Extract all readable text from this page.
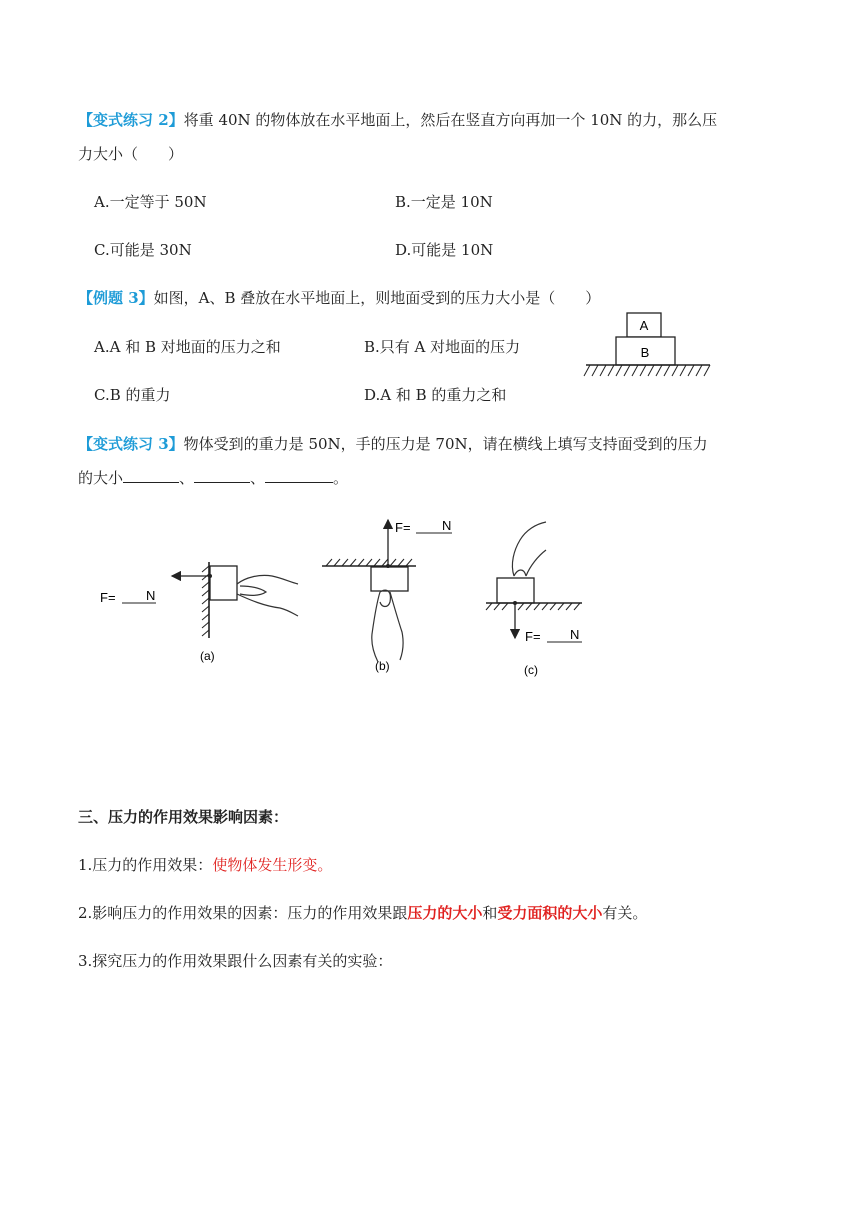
【变式练习 2】将重 40N 的物体放在水平地面上，然后在竖直方向再加一个 10N 的力，那么压
力大小（　　）
A.一定等于 50N	B.一定是 10N
C.可能是 30N	D.可能是 10N
【例题 3】如图，A、B 叠放在水平地面上，则地面受到的压力大小是（　　）
A.A 和 B 对地面的压力之和	B.只有 A 对地面的压力
C.B 的重力	D.A 和 B 的重力之和
A
B
【变式练习 3】物体受到的重力是 50N，手的压力是 70N，请在横线上填写支持面受到的压力
的大小	、	、	。
F= N
(a)
F= N
(b)
F= N
(c)
三、压力的作用效果影响因素：
1.压力的作用效果：使物体发生形变。
2.影响压力的作用效果的因素：压力的作用效果跟压力的大小和受力面积的大小有关。
3.探究压力的作用效果跟什么因素有关的实验：
